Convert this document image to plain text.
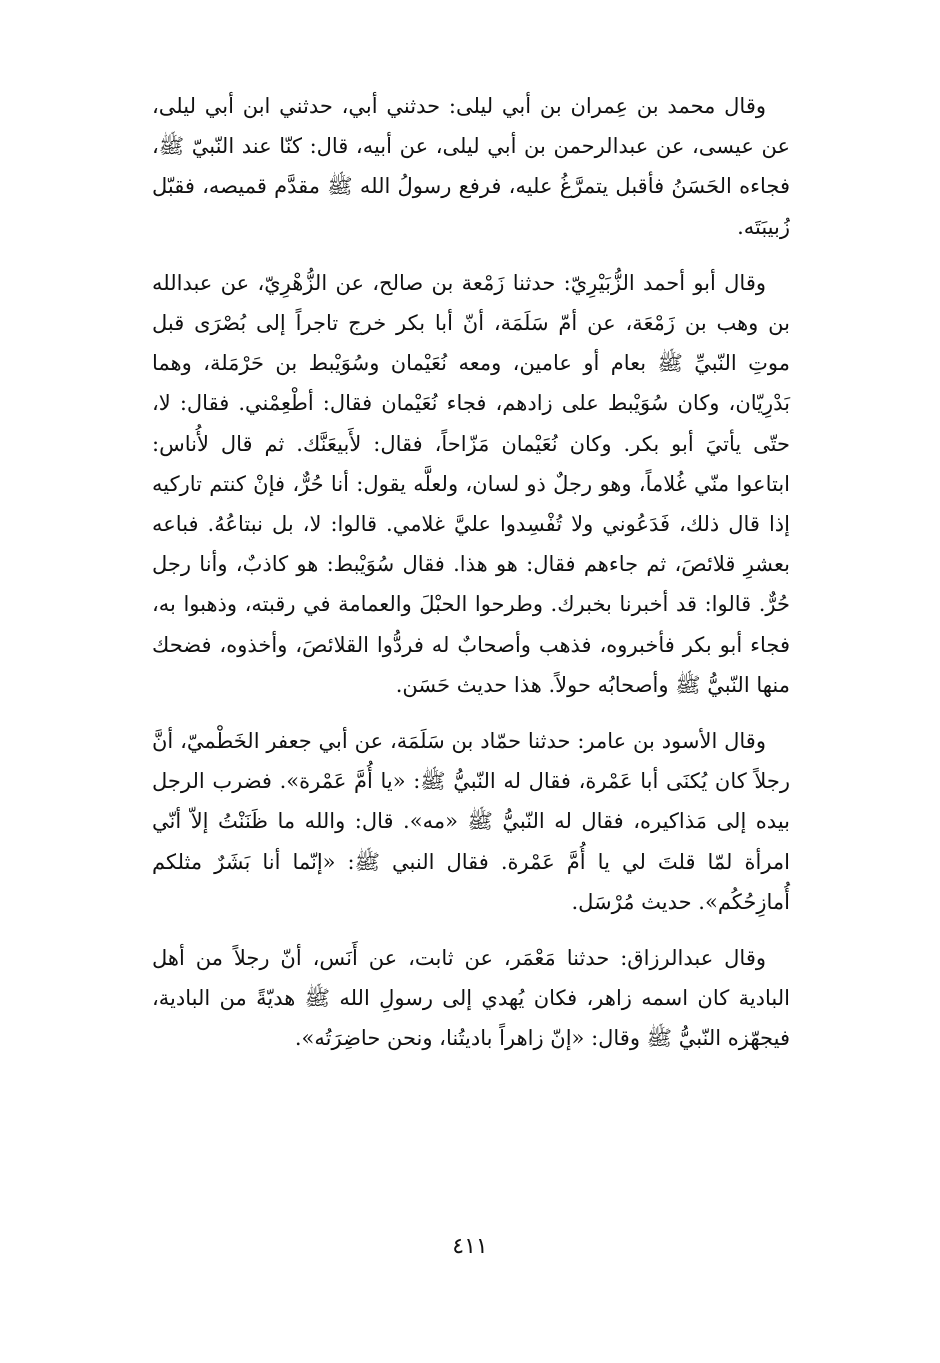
وقال محمد بن عِمران بن أبي ليلى: حدثني أبي، حدثني ابن أبي ليلى، عن عيسى، عن عبدالرحمن بن أبي ليلى، عن أبيه، قال: كنّا عند النّبيّ ﷺ، فجاءه الحَسَنُ فأقبل يتمرَّغُ عليه، فرفع رسولُ الله ﷺ مقدَّم قميصه، فقبّل زُبيبَتَه.

وقال أبو أحمد الزُّبَيْرِيّ: حدثنا زَمْعة بن صالح، عن الزُّهْرِيّ، عن عبدالله بن وهب بن زَمْعَة، عن أمّ سَلَمَة، أنّ أبا بكر خرج تاجراً إلى بُصْرَى قبل موتِ النّبيِّ ﷺ بعام أو عامين، ومعه نُعَيْمان وسُوَيْبط بن حَرْمَلة، وهما بَدْرِيّان، وكان سُوَيْبط على زادهم، فجاء نُعَيْمان فقال: أطْعِمْني. فقال: لا، حتّى يأتيَ أبو بكر. وكان نُعَيْمان مَزّاحاً، فقال: لأَبيعَنَّك. ثم قال لأُناس: ابتاعوا منّي غُلاماً، وهو رجلٌ ذو لسان، ولعلَّه يقول: أنا حُرٌّ، فإنْ كنتم تاركيه إذا قال ذلك، فَدَعُوني ولا تُفْسِدوا عليَّ غلامي. قالوا: لا، بل نبتاعُهُ. فباعه بعشرِ قلائصَ، ثم جاءهم فقال: هو هذا. فقال سُوَيْبط: هو كاذبٌ، وأنا رجل حُرٌّ. قالوا: قد أخبرنا بخبرك. وطرحوا الحبْلَ والعمامة في رقبته، وذهبوا به، فجاء أبو بكر فأخبروه، فذهب وأصحابٌ له فردُّوا القلائصَ، وأخذوه، فضحك منها النّبيُّ ﷺ وأصحابُه حولاً. هذا حديث حَسَن.

وقال الأسود بن عامر: حدثنا حمّاد بن سَلَمَة، عن أبي جعفر الخَطْميّ، أنَّ رجلاً كان يُكنَى أبا عَمْرة، فقال له النّبيُّ ﷺ: «يا أُمَّ عَمْرة». فضرب الرجل بيده إلى مَذاكيره، فقال له النّبيُّ ﷺ «مه». قال: والله ما ظَنَنْتُ إلاّ أنّي امرأة لمّا قلتَ لي يا أُمَّ عَمْرة. فقال النبي ﷺ: «إنّما أنا بَشَرٌ مثلكم أُمازِحُكُم». حديث مُرْسَل.

وقال عبدالرزاق: حدثنا مَعْمَر، عن ثابت، عن أَنَس، أنّ رجلاً من أهل البادية كان اسمه زاهر، فكان يُهدي إلى رسولِ الله ﷺ هديّةً من البادية، فيجهّزه النّبيُّ ﷺ وقال: «إنّ زاهراً باديتُنا، ونحن حاضِرَتُه».

٤١١
